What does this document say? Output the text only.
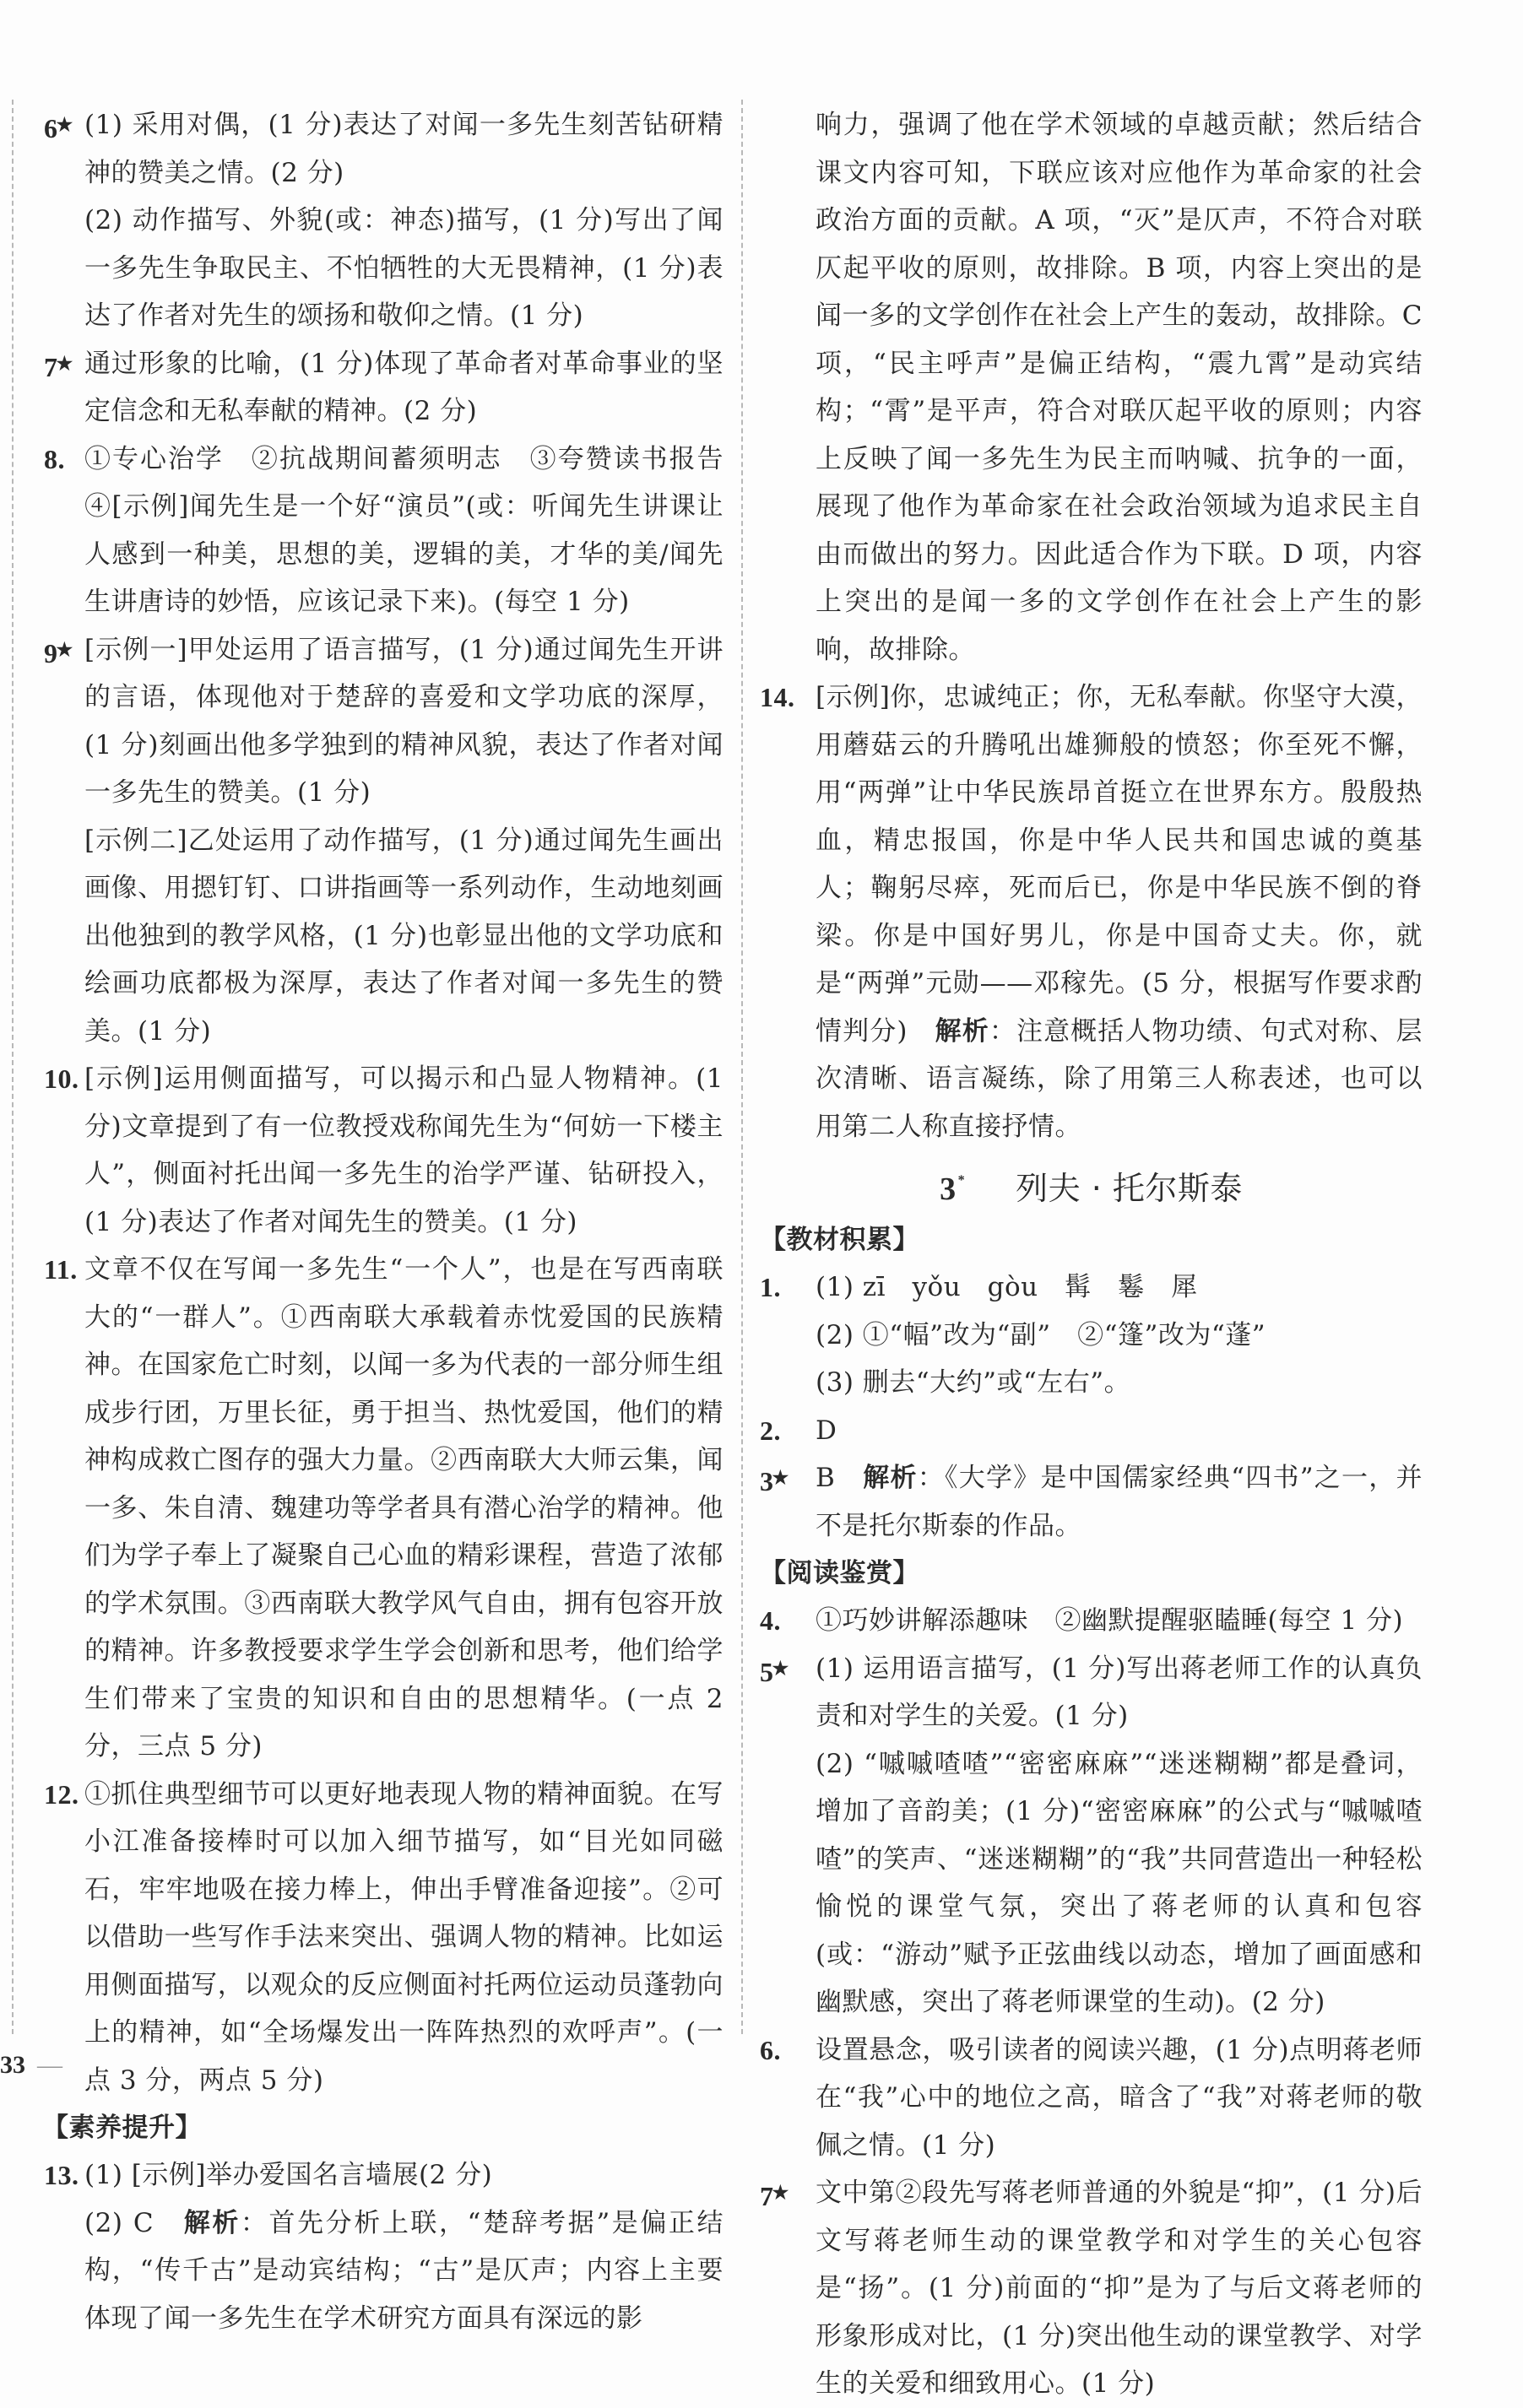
6★ (1) 采用对偶，(1 分)表达了对闻一多先生刻苦钻研精神的赞美之情。(2 分)

(2) 动作描写、外貌(或：神态)描写，(1 分)写出了闻一多先生争取民主、不怕牺牲的大无畏精神，(1 分)表达了作者对先生的颂扬和敬仰之情。(1 分)

7★ 通过形象的比喻，(1 分)体现了革命者对革命事业的坚定信念和无私奉献的精神。(2 分)

8. ①专心治学　②抗战期间蓄须明志　③夸赞读书报告　④[示例]闻先生是一个好“演员”(或：听闻先生讲课让人感到一种美，思想的美，逻辑的美，才华的美/闻先生讲唐诗的妙悟，应该记录下来)。(每空 1 分)

9★ [示例一]甲处运用了语言描写，(1 分)通过闻先生开讲的言语，体现他对于楚辞的喜爱和文学功底的深厚，(1 分)刻画出他多学独到的精神风貌，表达了作者对闻一多先生的赞美。(1 分)

[示例二]乙处运用了动作描写，(1 分)通过闻先生画出画像、用摁钉钉、口讲指画等一系列动作，生动地刻画出他独到的教学风格，(1 分)也彰显出他的文学功底和绘画功底都极为深厚，表达了作者对闻一多先生的赞美。(1 分)

10. [示例]运用侧面描写，可以揭示和凸显人物精神。(1 分)文章提到了有一位教授戏称闻先生为“何妨一下楼主人”，侧面衬托出闻一多先生的治学严谨、钻研投入，(1 分)表达了作者对闻先生的赞美。(1 分)

11. 文章不仅在写闻一多先生“一个人”，也是在写西南联大的“一群人”。①西南联大承载着赤忱爱国的民族精神。在国家危亡时刻，以闻一多为代表的一部分师生组成步行团，万里长征，勇于担当、热忱爱国，他们的精神构成救亡图存的强大力量。②西南联大大师云集，闻一多、朱自清、魏建功等学者具有潜心治学的精神。他们为学子奉上了凝聚自己心血的精彩课程，营造了浓郁的学术氛围。③西南联大教学风气自由，拥有包容开放的精神。许多教授要求学生学会创新和思考，他们给学生们带来了宝贵的知识和自由的思想精华。(一点 2 分，三点 5 分)

12. ①抓住典型细节可以更好地表现人物的精神面貌。在写小江准备接棒时可以加入细节描写，如“目光如同磁石，牢牢地吸在接力棒上，伸出手臂准备迎接”。②可以借助一些写作手法来突出、强调人物的精神。比如运用侧面描写，以观众的反应侧面衬托两位运动员蓬勃向上的精神，如“全场爆发出一阵阵热烈的欢呼声”。(一点 3 分，两点 5 分)

【素养提升】
13. (1) [示例]举办爱国名言墙展(2 分)

(2) C　解析：首先分析上联，“楚辞考据”是偏正结构，“传千古”是动宾结构；“古”是仄声；内容上主要体现了闻一多先生在学术研究方面具有深远的影

响力，强调了他在学术领域的卓越贡献；然后结合课文内容可知，下联应该对应他作为革命家的社会政治方面的贡献。A 项，“灭”是仄声，不符合对联仄起平收的原则，故排除。B 项，内容上突出的是闻一多的文学创作在社会上产生的轰动，故排除。C 项，“民主呼声”是偏正结构，“震九霄”是动宾结构；“霄”是平声，符合对联仄起平收的原则；内容上反映了闻一多先生为民主而呐喊、抗争的一面，展现了他作为革命家在社会政治领域为追求民主自由而做出的努力。因此适合作为下联。D 项，内容上突出的是闻一多的文学创作在社会上产生的影响，故排除。

14. [示例]你，忠诚纯正；你，无私奉献。你坚守大漠，用蘑菇云的升腾吼出雄狮般的愤怒；你至死不懈，用“两弹”让中华民族昂首挺立在世界东方。殷殷热血，精忠报国，你是中华人民共和国忠诚的奠基人；鞠躬尽瘁，死而后已，你是中华民族不倒的脊梁。你是中国好男儿，你是中国奇丈夫。你，就是“两弹”元勋——邓稼先。(5 分，根据写作要求酌情判分)　解析：注意概括人物功绩、句式对称、层次清晰、语言凝练，除了用第三人称表述，也可以用第二人称直接抒情。

3 * 列夫 · 托尔斯泰
【教材积累】
1. (1) zī　yǒu　gòu　髯　鬈　犀

(2) ①“幅”改为“副”　②“篷”改为“蓬”

(3) 删去“大约”或“左右”。

2. D

3★ B　解析：《大学》是中国儒家经典“四书”之一，并不是托尔斯泰的作品。

【阅读鉴赏】
4. ①巧妙讲解添趣味　②幽默提醒驱瞌睡(每空 1 分)

5★ (1) 运用语言描写，(1 分)写出蒋老师工作的认真负责和对学生的关爱。(1 分)

(2) “嘁嘁喳喳”“密密麻麻”“迷迷糊糊”都是叠词，增加了音韵美；(1 分)“密密麻麻”的公式与“嘁嘁喳喳”的笑声、“迷迷糊糊”的“我”共同营造出一种轻松愉悦的课堂气氛，突出了蒋老师的认真和包容(或：“游动”赋予正弦曲线以动态，增加了画面感和幽默感，突出了蒋老师课堂的生动)。(2 分)

6. 设置悬念，吸引读者的阅读兴趣，(1 分)点明蒋老师在“我”心中的地位之高，暗含了“我”对蒋老师的敬佩之情。(1 分)

7★ 文中第②段先写蒋老师普通的外貌是“抑”，(1 分)后文写蒋老师生动的课堂教学和对学生的关心包容是“扬”。(1 分)前面的“抑”是为了与后文蒋老师的形象形成对比，(1 分)突出他生动的课堂教学、对学生的关爱和细致用心。(1 分)

33 —
